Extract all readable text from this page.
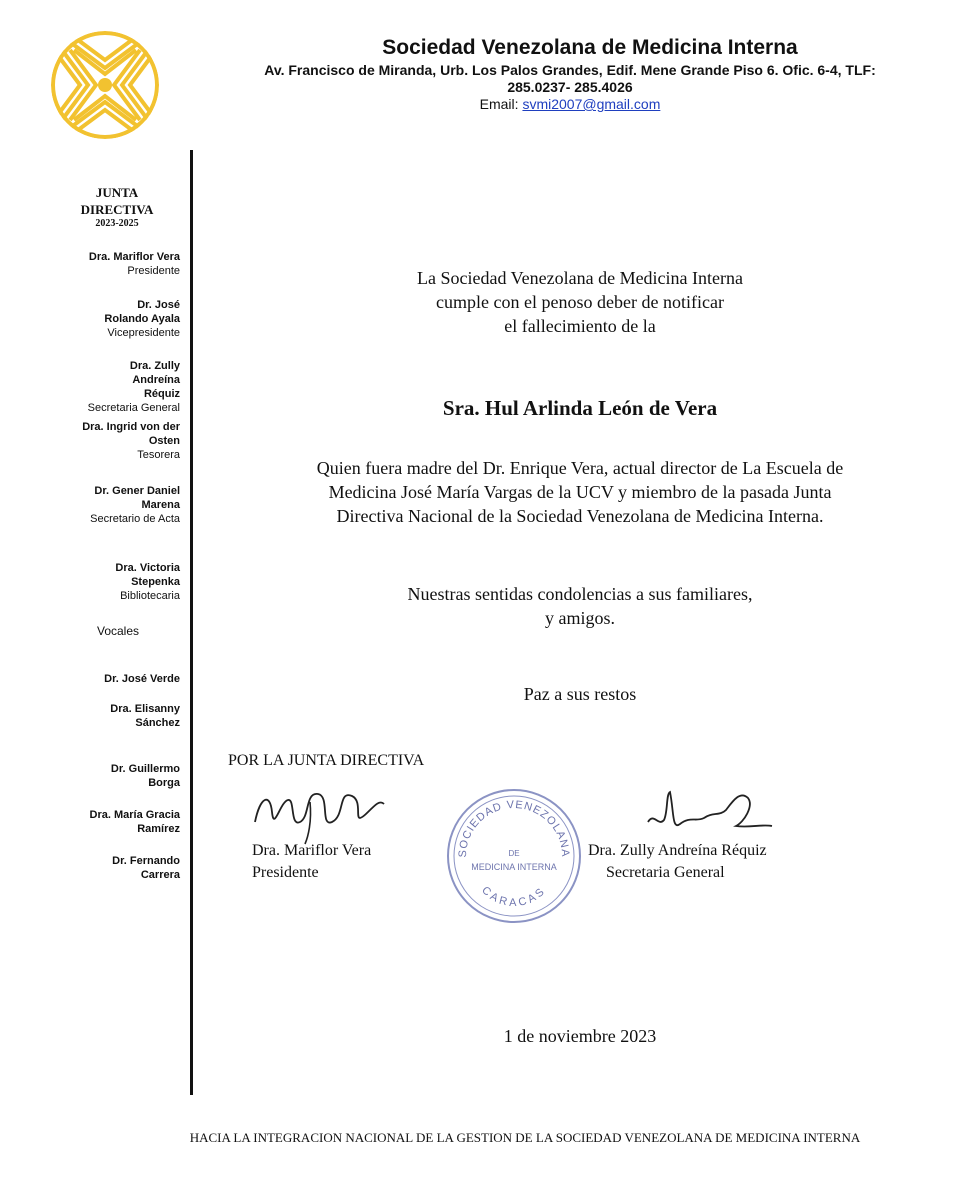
Sociedad Venezolana de Medicina Interna
Av. Francisco de Miranda, Urb. Los Palos Grandes, Edif. Mene Grande Piso 6. Ofic. 6-4, TLF:
285.0237- 285.4026
Email: svmi2007@gmail.com
JUNTA
DIRECTIVA
2023-2025
Dra. Mariflor Vera
Presidente
Dr. José Rolando Ayala
Vicepresidente
Dra. Zully Andreína Réquiz
Secretaria General
Dra. Ingrid von der Osten
Tesorera
Dr. Gener Daniel Marena
Secretario de Acta
Dra. Victoria Stepenka
Bibliotecaria
Vocales
Dr. José Verde
Dra. Elisanny Sánchez
Dr. Guillermo Borga
Dra. María Gracia Ramírez
Dr. Fernando Carrera
La Sociedad Venezolana de Medicina Interna
cumple con el penoso deber de notificar
el fallecimiento de la
Sra. Hul Arlinda León de Vera
Quien fuera madre del Dr. Enrique Vera, actual director de La Escuela de
Medicina José María Vargas de la UCV y miembro de la pasada Junta
Directiva Nacional de la Sociedad Venezolana de Medicina Interna.
Nuestras sentidas condolencias a sus familiares,
y amigos.
Paz a sus restos
POR LA JUNTA DIRECTIVA
Dra. Mariflor Vera
Presidente
SOCIEDAD VENEZOLANA
DE
MEDICINA INTERNA
CARACAS
Dra. Zully Andreína Réquiz
Secretaria General
1 de noviembre 2023
HACIA LA INTEGRACION NACIONAL DE LA GESTION DE LA SOCIEDAD VENEZOLANA DE MEDICINA INTERNA
